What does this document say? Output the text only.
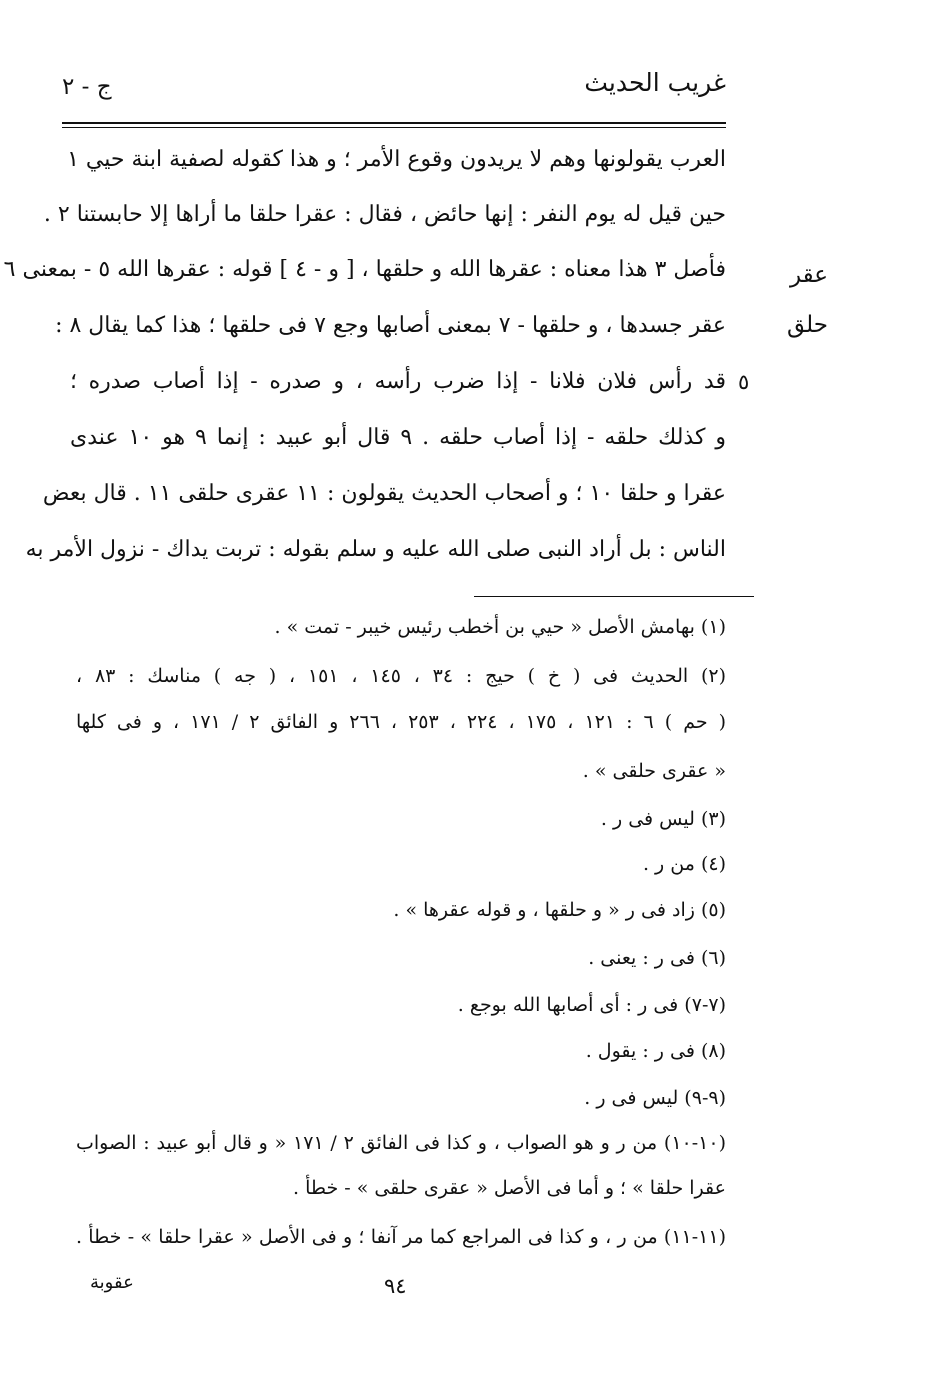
غريب الحديث
ج - ٢
عقر
حلق
٥
العرب يقولونها وهم لا يريدون وقوع الأمر ؛ و هذا كقوله لصفية ابنة حيي ١
حين قيل له يوم النفر : إنها حائض ، فقال : عقرا حلقا ما أراها إلا حابستنا ٢ .
فأصل ٣ هذا معناه : عقرها الله و حلقها ، [ و - ٤ ] قوله : عقرها الله ٥ - بمعنى ٦
عقر جسدها ، و حلقها - ٧ بمعنى أصابها وجع ٧ فى حلقها ؛ هذا كما يقال ٨ :
قد رأس فلان فلانا - إذا ضرب رأسه ، و صدره - إذا أصاب صدره ؛
و كذلك حلقه - إذا أصاب حلقه . ٩ قال أبو عبيد : إنما ٩ هو ١٠ عندى
عقرا و حلقا ١٠ ؛ و أصحاب الحديث يقولون : ١١ عقرى حلقى ١١ . قال بعض
الناس : بل أراد النبى صلى الله عليه و سلم بقوله : تربت يداك - نزول الأمر به
(١) بهامش الأصل « حيي بن أخطب رئيس خيبر - تمت » .
(٢) الحديث فى ( خ ) حيج : ٣٤ ، ١٤٥ ، ١٥١ ، ( جه ) مناسك : ٨٣ ،
( حم ) ٦ : ١٢١ ، ١٧٥ ، ٢٢٤ ، ٢٥٣ ، ٢٦٦ و الفائق ٢ / ١٧١ ، و فى كلها
« عقرى حلقى » .
(٣) ليس فى ر .
(٤) من ر .
(٥) زاد فى ر « و حلقها ، و قوله عقرها » .
(٦) فى ر : يعنى .
(٧-٧) فى ر : أى أصابها الله بوجع .
(٨) فى ر : يقول .
(٩-٩) ليس فى ر .
(١٠-١٠) من ر و هو الصواب ، و كذا فى الفائق ٢ / ١٧١ « و قال أبو عبيد : الصواب
عقرا حلقا » ؛ و أما فى الأصل « عقرى حلقى » - خطأ .
(١١-١١) من ر ، و كذا فى المراجع كما مر آنفا ؛ و فى الأصل « عقرا حلقا » - خطأ .
عقوبة	٩٤
